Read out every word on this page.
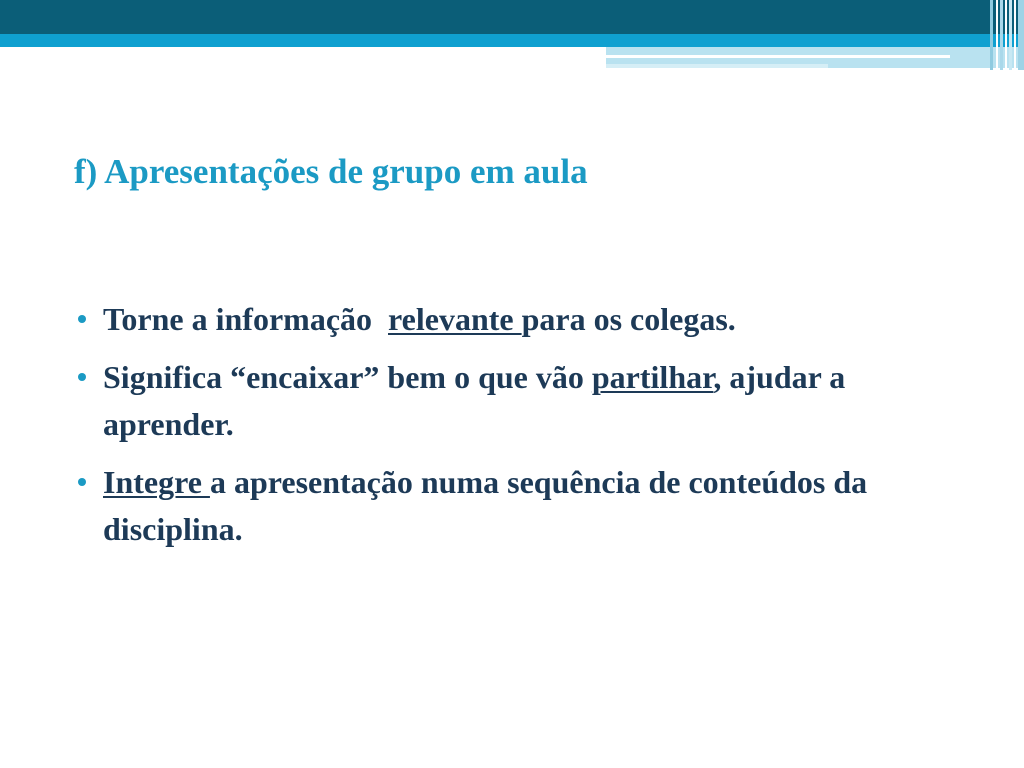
f) Apresentações de grupo em aula
Torne a informação  relevante para os colegas.
Significa “encaixar” bem o que vão partilhar, ajudar a aprender.
Integre a apresentação numa sequência de conteúdos da disciplina.
